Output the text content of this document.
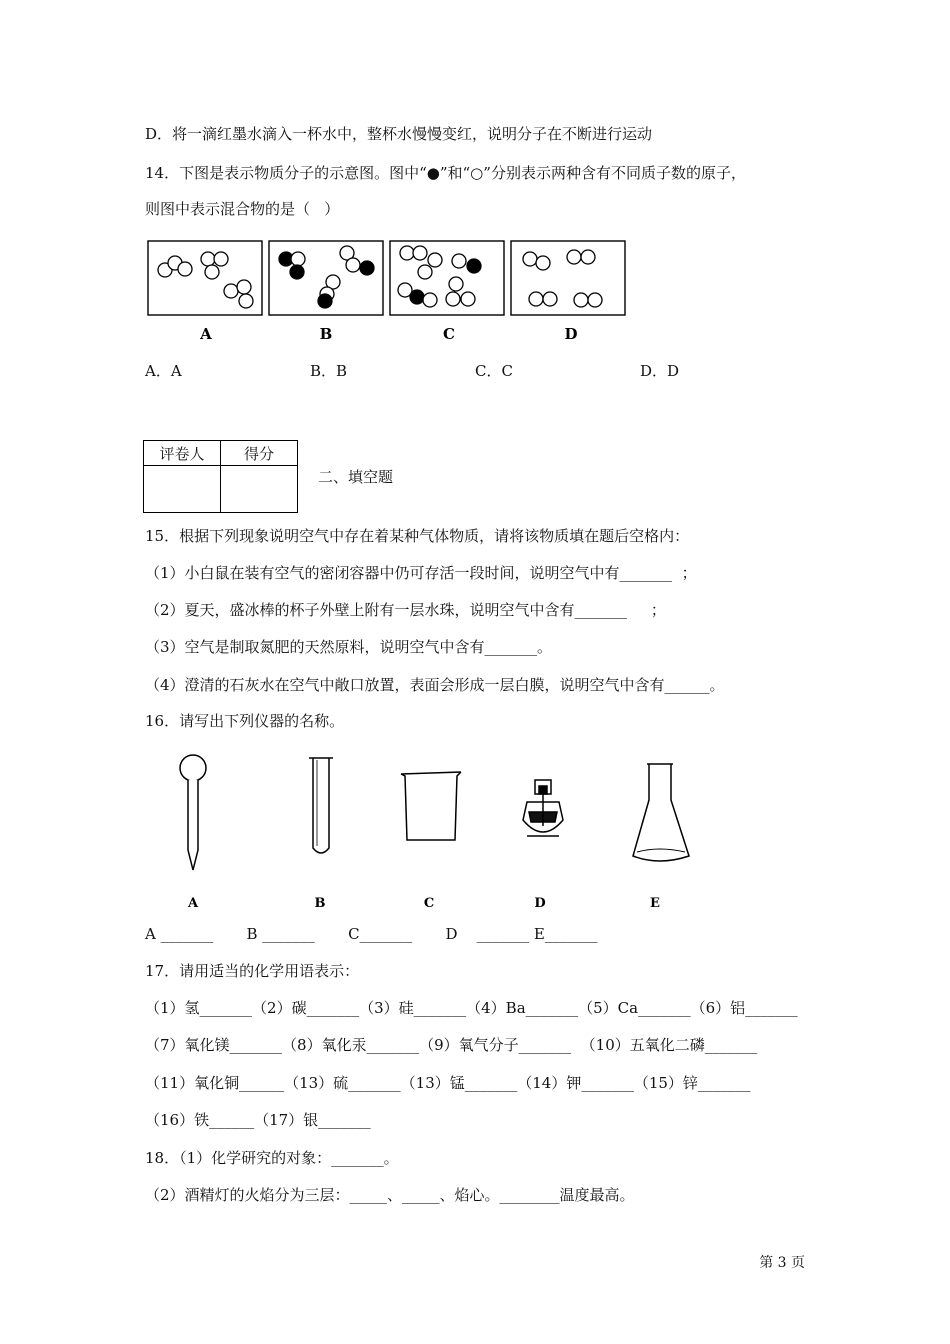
D．将一滴红墨水滴入一杯水中，整杯水慢慢变红，说明分子在不断进行运动
14．下图是表示物质分子的示意图。图中“●”和“○”分别表示两种含有不同质子数的原子，
则图中表示混合物的是（   ）
A	B	C	D
A．A	B．B	C．C	D．D
评卷人	得分

二、填空题
15．根据下列现象说明空气中存在着某种气体物质，请将该物质填在题后空格内：
（1）小白鼠在装有空气的密闭容器中仍可存活一段时间，说明空气中有_______  ；
（2）夏天，盛冰棒的杯子外壁上附有一层水珠，说明空气中含有_______     ；
（3）空气是制取氮肥的天然原料，说明空气中含有_______。
（4）澄清的石灰水在空气中敞口放置，表面会形成一层白膜，说明空气中含有______。
16．请写出下列仪器的名称。
A	B	C	D	E
A _______       B _______       C_______       D    _______ E_______
17．请用适当的化学用语表示：
（1）氢_______（2）碳_______（3）硅_______（4）Ba_______（5）Ca_______（6）铝_______
（7）氧化镁_______（8）氧化汞_______（9）氧气分子_______  （10）五氧化二磷_______
（11）氧化铜______（13）硫_______（13）锰_______（14）钾_______（15）锌_______
（16）铁______（17）银_______
18．（1）化学研究的对象：_______。
（2）酒精灯的火焰分为三层：_____、_____、焰心。________温度最高。
第 3 页
